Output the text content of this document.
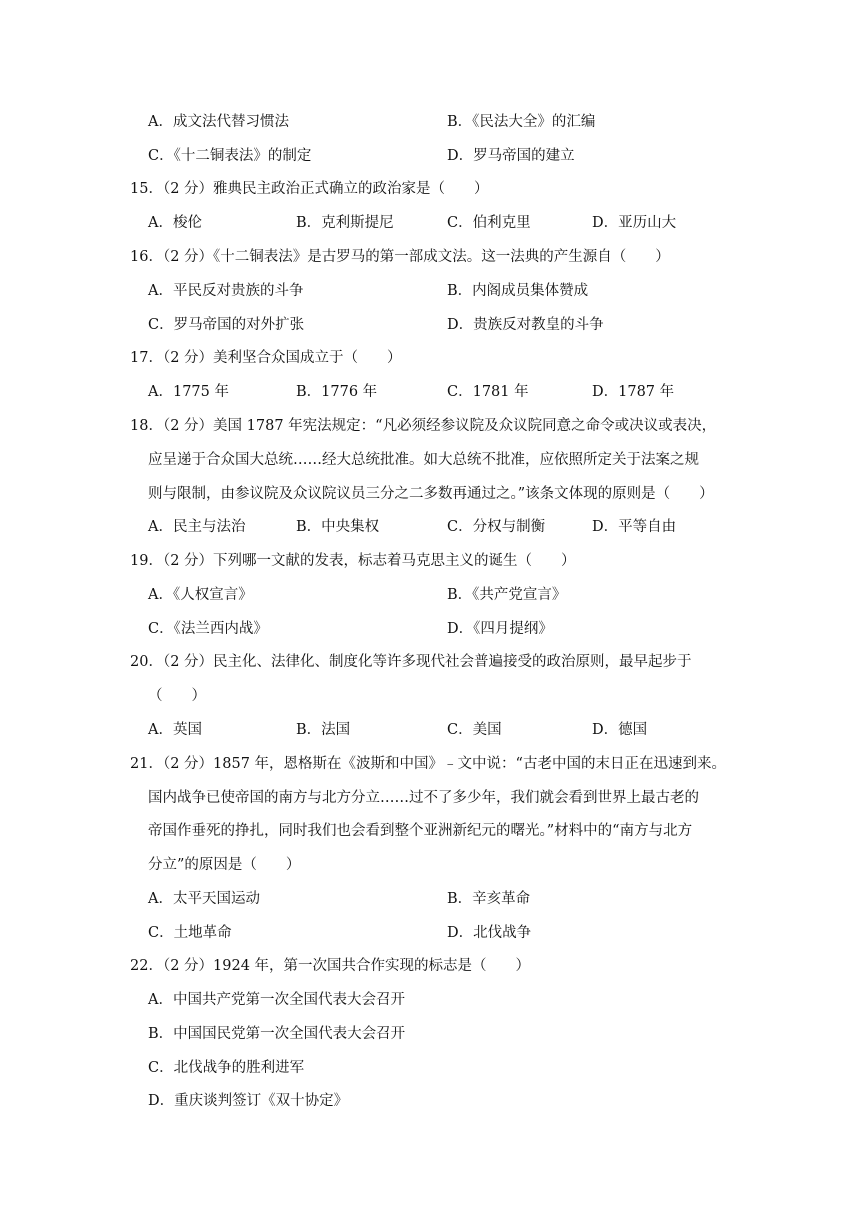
A．成文法代替习惯法	B．《民法大全》的汇编
C．《十二铜表法》的制定	D．罗马帝国的建立
15．（2 分）雅典民主政治正式确立的政治家是（　　）
A．梭伦	B．克利斯提尼	C．伯利克里	D．亚历山大
16．（2 分）《十二铜表法》是古罗马的第一部成文法。这一法典的产生源自（　　）
A．平民反对贵族的斗争	B．内阁成员集体赞成
C．罗马帝国的对外扩张	D．贵族反对教皇的斗争
17．（2 分）美利坚合众国成立于（　　）
A．1775 年	B．1776 年	C．1781 年	D．1787 年
18．（2 分）美国 1787 年宪法规定：“凡必须经参议院及众议院同意之命令或决议或表决，
应呈递于合众国大总统……经大总统批准。如大总统不批准，应依照所定关于法案之规
则与限制，由参议院及众议院议员三分之二多数再通过之。”该条文体现的原则是（　　）
A．民主与法治	B．中央集权	C．分权与制衡	D．平等自由
19．（2 分）下列哪一文献的发表，标志着马克思主义的诞生（　　）
A．《人权宣言》	B．《共产党宣言》
C．《法兰西内战》	D．《四月提纲》
20．（2 分）民主化、法律化、制度化等许多现代社会普遍接受的政治原则，最早起步于
（　　）
A．英国	B．法国	C．美国	D．德国
21．（2 分）1857 年，恩格斯在《波斯和中国》﹣文中说：“古老中国的末日正在迅速到来。
国内战争已使帝国的南方与北方分立……过不了多少年，我们就会看到世界上最古老的
帝国作垂死的挣扎，同时我们也会看到整个亚洲新纪元的曙光。”材料中的“南方与北方
分立”的原因是（　　）
A．太平天国运动	B．辛亥革命
C．土地革命	D．北伐战争
22．（2 分）1924 年，第一次国共合作实现的标志是（　　）
A．中国共产党第一次全国代表大会召开
B．中国国民党第一次全国代表大会召开
C．北伐战争的胜利进军
D．重庆谈判签订《双十协定》
